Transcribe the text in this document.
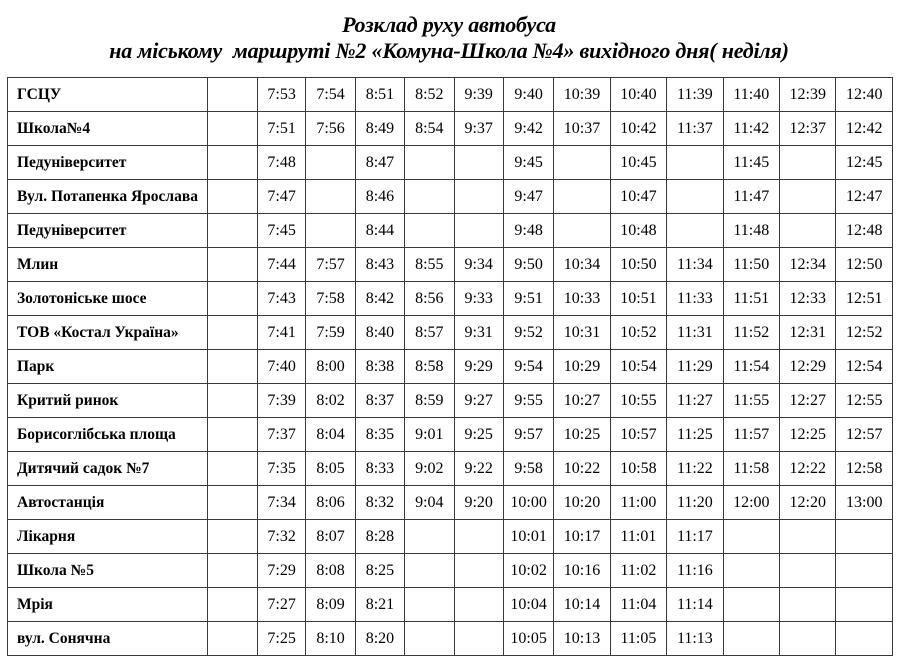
Розклад руху автобуса
на міському  маршруті №2 «Комуна-Школа №4» вихідного дня( неділя)
ГСЦУ		7:53	7:54	8:51	8:52	9:39	9:40	10:39	10:40	11:39	11:40	12:39	12:40
Школа№4		7:51	7:56	8:49	8:54	9:37	9:42	10:37	10:42	11:37	11:42	12:37	12:42
Педуніверситет		7:48		8:47			9:45		10:45		11:45		12:45
Вул. Потапенка Ярослава		7:47		8:46			9:47		10:47		11:47		12:47
Педуніверситет		7:45		8:44			9:48		10:48		11:48		12:48
Млин		7:44	7:57	8:43	8:55	9:34	9:50	10:34	10:50	11:34	11:50	12:34	12:50
Золотоніське шосе		7:43	7:58	8:42	8:56	9:33	9:51	10:33	10:51	11:33	11:51	12:33	12:51
ТОВ «Костал Україна»		7:41	7:59	8:40	8:57	9:31	9:52	10:31	10:52	11:31	11:52	12:31	12:52
Парк		7:40	8:00	8:38	8:58	9:29	9:54	10:29	10:54	11:29	11:54	12:29	12:54
Критий ринок		7:39	8:02	8:37	8:59	9:27	9:55	10:27	10:55	11:27	11:55	12:27	12:55
Борисоглібська площа		7:37	8:04	8:35	9:01	9:25	9:57	10:25	10:57	11:25	11:57	12:25	12:57
Дитячий садок №7		7:35	8:05	8:33	9:02	9:22	9:58	10:22	10:58	11:22	11:58	12:22	12:58
Автостанція		7:34	8:06	8:32	9:04	9:20	10:00	10:20	11:00	11:20	12:00	12:20	13:00
Лікарня		7:32	8:07	8:28			10:01	10:17	11:01	11:17			
Школа №5		7:29	8:08	8:25			10:02	10:16	11:02	11:16			
Мрія		7:27	8:09	8:21			10:04	10:14	11:04	11:14			
вул. Сонячна		7:25	8:10	8:20			10:05	10:13	11:05	11:13			
